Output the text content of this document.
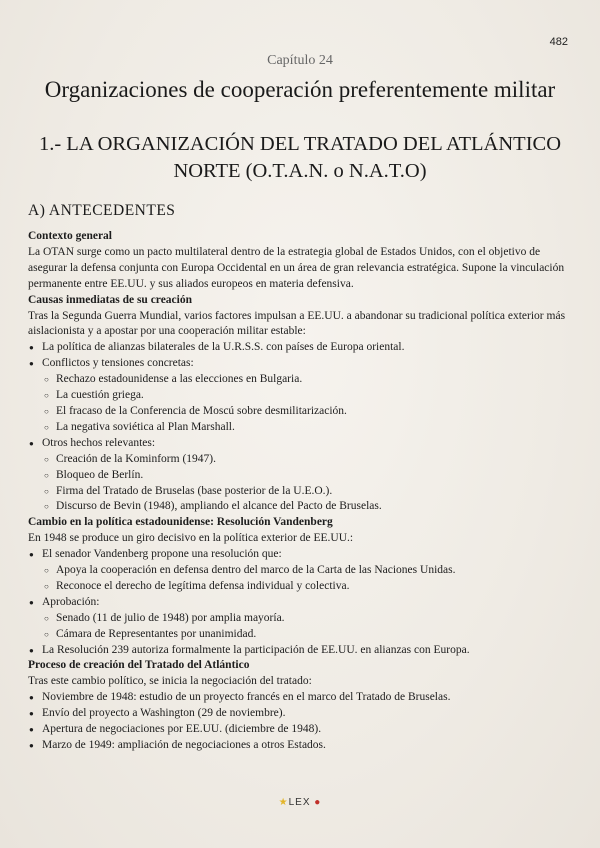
482
Capítulo 24
Organizaciones de cooperación preferentemente militar
1.- LA ORGANIZACIÓN DEL TRATADO DEL ATLÁNTICO
NORTE (O.T.A.N. o N.A.T.O)
A) ANTECEDENTES
Contexto general

La OTAN surge como un pacto multilateral dentro de la estrategia global de Estados Unidos, con el objetivo de asegurar la defensa conjunta con Europa Occidental en un área de gran relevancia estratégica. Supone la vinculación permanente entre EE.UU. y sus aliados europeos en materia defensiva.

Causas inmediatas de su creación

Tras la Segunda Guerra Mundial, varios factores impulsan a EE.UU. a abandonar su tradicional política exterior más aislacionista y a apostar por una cooperación militar estable:

● La política de alianzas bilaterales de la U.R.S.S. con países de Europa oriental.
● Conflictos y tensiones concretas:
○ Rechazo estadounidense a las elecciones en Bulgaria.
○ La cuestión griega.
○ El fracaso de la Conferencia de Moscú sobre desmilitarización.
○ La negativa soviética al Plan Marshall.
● Otros hechos relevantes:
○ Creación de la Kominform (1947).
○ Bloqueo de Berlín.
○ Firma del Tratado de Bruselas (base posterior de la U.E.O.).
○ Discurso de Bevin (1948), ampliando el alcance del Pacto de Bruselas.
Cambio en la política estadounidense: Resolución Vandenberg

En 1948 se produce un giro decisivo en la política exterior de EE.UU.:

● El senador Vandenberg propone una resolución que:
○ Apoya la cooperación en defensa dentro del marco de la Carta de las Naciones Unidas.
○ Reconoce el derecho de legítima defensa individual y colectiva.
● Aprobación:
○ Senado (11 de julio de 1948) por amplia mayoría.
○ Cámara de Representantes por unanimidad.
● La Resolución 239 autoriza formalmente la participación de EE.UU. en alianzas con Europa.
Proceso de creación del Tratado del Atlántico

Tras este cambio político, se inicia la negociación del tratado:

● Noviembre de 1948: estudio de un proyecto francés en el marco del Tratado de Bruselas.
● Envío del proyecto a Washington (29 de noviembre).
● Apertura de negociaciones por EE.UU. (diciembre de 1948).
● Marzo de 1949: ampliación de negociaciones a otros Estados.
★LEX ●
